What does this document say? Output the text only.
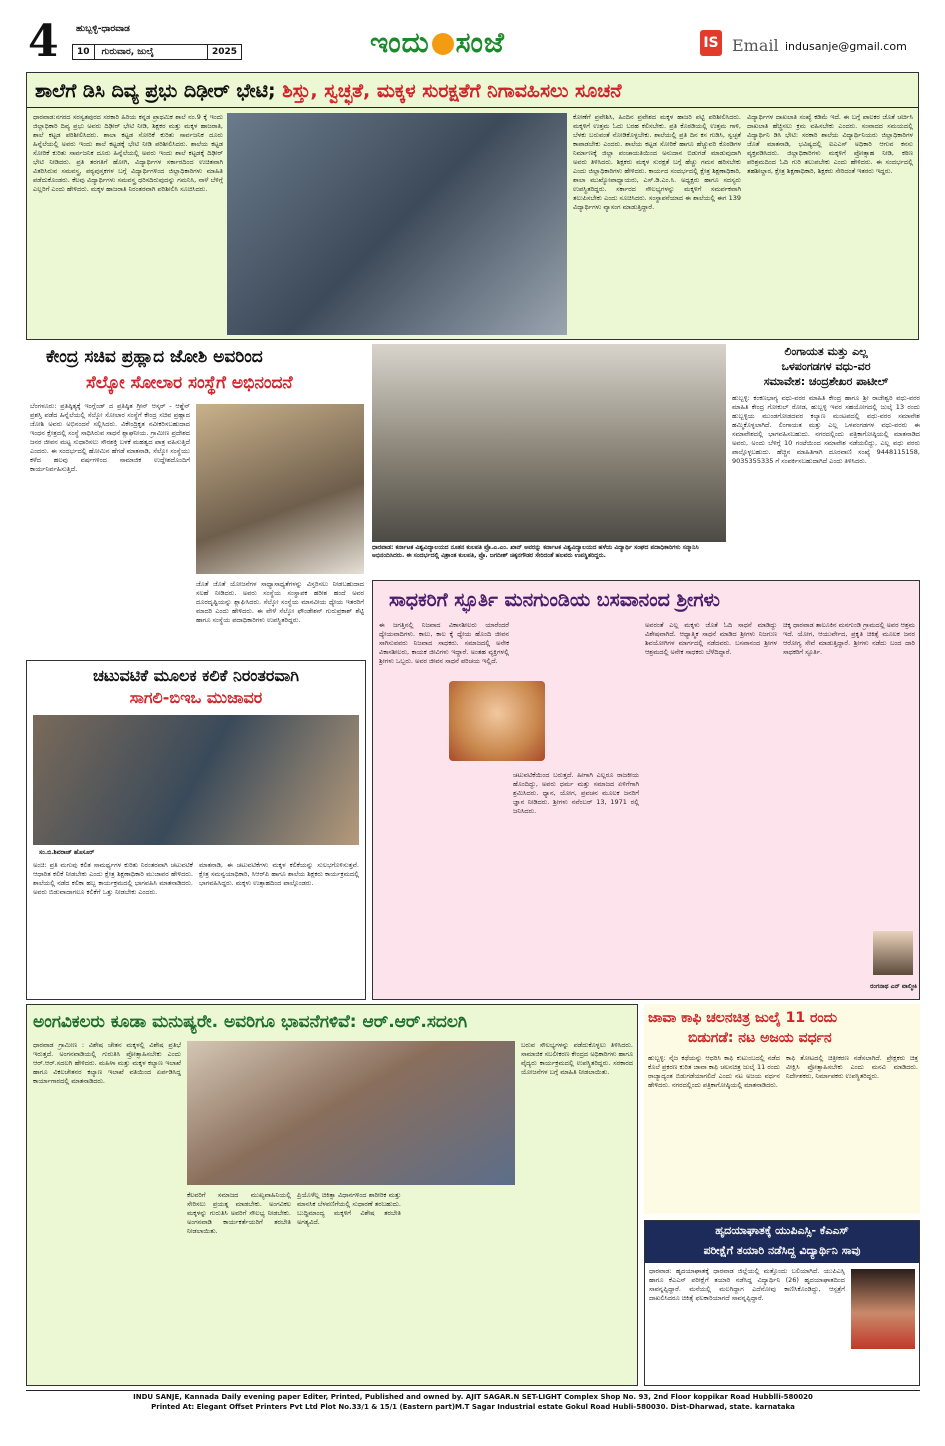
4 ಹುಬ್ಬಳ್ಳಿ-ಧಾರವಾಡ
10 ಗುರುವಾರ, ಜುಲೈ	2025	ಇಂದು ಸಂಜೆ	IS Email indusanje@gmail.com
ಶಾಲೆಗೆ ಡಿಸಿ ದಿವ್ಯ ಪ್ರಭು ದಿಢೀರ್ ಭೇಟಿ; ಶಿಸ್ತು, ಸ್ವಚ್ಛತೆ, ಮಕ್ಕಳ ಸುರಕ್ಷತೆಗೆ ನಿಗಾವಹಿಸಲು ಸೂಚನೆ
ಧಾರವಾಡ:ನಗರದ ಸರಸ್ವತಪುರದ ಸರಕಾರಿ ಹಿರಿಯ ಕನ್ನಡ ಪ್ರಾಥಮಿಕ ಶಾಲೆ ನಂ.9 ಕ್ಕೆ ಇಂದು ಜಿಲ್ಲಾಧಿಕಾರಿ ದಿವ್ಯ ಪ್ರಭು ಅವರು ದಿಢೀರ್ ಭೇಟಿ ನೀಡಿ, ಶಿಕ್ಷಕರ ಮತ್ತು ಮಕ್ಕಳ ಹಾಜರಾತಿ, ಶಾಲೆ ಕಟ್ಟಡ ಪರಿಶೀಲಿಸಿದರು. ಶಾಲಾ ಕಟ್ಟಡ ಸೋರಿಕೆ ಕುರಿತು ಸಾರ್ವಜನಿಕ ದೂರು ಹಿನ್ನೆಲೆಯಲ್ಲಿ ಅವರು ಇಂದು ಶಾಲೆ ಕಟ್ಟಡಕ್ಕೆ ಭೇಟಿ ನೀಡಿ ಪರಿಶೀಲಿಸಿದರು. ಶಾಲೆಯ ಕಟ್ಟಡ ಸೋರಿಕೆ ಕುರಿತು ಸಾರ್ವಜನಿಕ ದೂರು ಹಿನ್ನೆಲೆಯಲ್ಲಿ ಅವರು ಇಂದು ಶಾಲೆ ಕಟ್ಟಡಕ್ಕೆ ದಿಢೀರ್ ಭೇಟಿ ನೀಡಿದರು. ಪ್ರತಿ ತರಗತಿಗೆ ಹೋಗಿ, ವಿದ್ಯಾರ್ಥಿಗಳ ಸರ್ಕಾರದಿಂದ ಉಚಿತವಾಗಿ ವಿತರಿಸಿರುವ ಸಮವಸ್ತ್ರ, ಪಠ್ಯಪುಸ್ತಕಗಳ ಬಗ್ಗೆ ವಿದ್ಯಾರ್ಥಿಗಳಿಂದ ಜಿಲ್ಲಾಧಿಕಾರಿಗಳು ಮಾಹಿತಿ ಪಡೆದುಕೊಂಡರು. ಕೆಲವು ವಿದ್ಯಾರ್ಥಿಗಳು ಸಮವಸ್ತ್ರ ಧರಿಸದಿರುವುದನ್ನು ಗಮನಿಸಿ, ನಾಳೆ ಬೆಳಿಗ್ಗೆ ಎಲ್ಲರಿಗೆ ಎಂದು ಹೇಳಿದರು. ಮಕ್ಕಳ ಹಾಜರಾತಿ ನಿರಂತರವಾಗಿ ಪರಿಶೀಲಿಸಿ ಸೂಚಿಸಿದರು.
ಕೋಣೆಗೆ ಪ್ರವೇಶಿಸಿ, ಹಿಂದಿನ ಪ್ರವೇಶದ ಮಕ್ಕಳ ಹಾಜರಿ ಪಟ್ಟಿ ಪರಿಶೀಲಿಸಿದರು. ಮಕ್ಕಳಿಗೆ ಉತ್ತಮ ಓದು ಬರಹ ಕಲಿಸಬೇಕು. ಪ್ರತಿ ಕೊಠಡಿಯಲ್ಲಿ ಉತ್ತಮ ಗಾಳಿ, ಬೆಳಕು ಬರುವಂತೆ ನೋಡಿಕೊಳ್ಳಬೇಕು. ಶಾಲೆಯಲ್ಲಿ ಪ್ರತಿ ದಿನ ಕಸ ಗುಡಿಸಿ, ಸ್ವಚ್ಛತೆ ಕಾಪಾಡಬೇಕು ಎಂದರು. ಶಾಲೆಯ ಕಟ್ಟಡ ಸೋರಿಕೆ ಹಾಗೂ ಹೆಚ್ಚುವರಿ ಕೊಠಡಿಗಳ ನಿರ್ಮಾಣಕ್ಕೆ ಜಿಲ್ಲಾ ಪಂಚಾಯತಿಯಿಂದ ಅನುದಾನ ಬಿಡುಗಡೆ ಮಾಡುವುದಾಗಿ ಅವರು ತಿಳಿಸಿದರು. ಶಿಕ್ಷಕರು ಮಕ್ಕಳ ಸುರಕ್ಷತೆ ಬಗ್ಗೆ ಹೆಚ್ಚು ಗಮನ ಹರಿಸಬೇಕು ಎಂದು ಜಿಲ್ಲಾಧಿಕಾರಿಗಳು ಹೇಳಿದರು. ಕಾರ್ಯದ ಸಂದರ್ಭದಲ್ಲಿ ಕ್ಷೇತ್ರ ಶಿಕ್ಷಣಾಧಿಕಾರಿ, ಶಾಲಾ ಮುಖ್ಯೋಪಾಧ್ಯಾಯರು, ಎಸ್.ಡಿ.ಎಂ.ಸಿ. ಅಧ್ಯಕ್ಷರು ಹಾಗೂ ಸದಸ್ಯರು ಉಪಸ್ಥಿತರಿದ್ದರು. ಸರ್ಕಾರದ ಸೌಲಭ್ಯಗಳನ್ನು ಮಕ್ಕಳಿಗೆ ಸಮರ್ಪಕವಾಗಿ ತಲುಪಿಸಬೇಕು ಎಂದು ಸೂಚಿಸಿದರು. ಸಂಸ್ಥಾಪನೆಯಾದ ಈ ಶಾಲೆಯಲ್ಲಿ ಈಗ 139 ವಿದ್ಯಾರ್ಥಿಗಳು ವ್ಯಾಸಂಗ ಮಾಡುತ್ತಿದ್ದಾರೆ.
ವಿದ್ಯಾರ್ಥಿಗಳ ದಾಖಲಾತಿ ಸಂಖ್ಯೆ ಕಡಿಮೆ ಇದೆ. ಈ ಬಗ್ಗೆ ಪಾಲಕರ ಜೊತೆ ಚರ್ಚಿಸಿ ದಾಖಲಾತಿ ಹೆಚ್ಚಿಸಲು ಕ್ರಮ ವಹಿಸಬೇಕು ಎಂದರು. ಸಂವಾದದ ಸಮಯದಲ್ಲಿ ವಿದ್ಯಾರ್ಥಿನಿ ಡಿಸಿ ಭೇಟಿ: ಸರಕಾರಿ ಶಾಲೆಯ ವಿದ್ಯಾರ್ಥಿನಿಯರು ಜಿಲ್ಲಾಧಿಕಾರಿಗಳ ಜೊತೆ ಮಾತನಾಡಿ, ಭವಿಷ್ಯದಲ್ಲಿ ಐಎಎಸ್ ಅಧಿಕಾರಿ ಆಗುವ ಕನಸು ವ್ಯಕ್ತಪಡಿಸಿದರು. ಜಿಲ್ಲಾಧಿಕಾರಿಗಳು ಮಕ್ಕಳಿಗೆ ಪ್ರೋತ್ಸಾಹ ನೀಡಿ, ಕಠಿಣ ಪರಿಶ್ರಮದಿಂದ ಓದಿ ಗುರಿ ತಲುಪಬೇಕು ಎಂದು ಹೇಳಿದರು. ಈ ಸಂದರ್ಭದಲ್ಲಿ ತಹಶೀಲ್ದಾರ, ಕ್ಷೇತ್ರ ಶಿಕ್ಷಣಾಧಿಕಾರಿ, ಶಿಕ್ಷಕರು ಸೇರಿದಂತೆ ಇತರರು ಇದ್ದರು.
ಕೇಂದ್ರ ಸಚಿವ ಪ್ರಹ್ಲಾದ ಜೋಶಿ ಅವರಿಂದ
ಸೆಲ್ಕೋ ಸೋಲಾರ ಸಂಸ್ಥೆಗೆ ಅಭಿನಂದನೆ
ಬೆಂಗಳೂರು: ಪ್ರತಿಷ್ಠಿತ್ಯಕ್ಕೆ ಇಂಗ್ಲೆಂಡ್ ದ ಪ್ರತಿಷ್ಠಿತ ಗ್ರೀನ್ ಆಸ್ಕರ್ - ಆಶ್ಡೆನ್ ಪ್ರಶಸ್ತಿ ಪಡೆದ ಹಿನ್ನೆಲೆಯಲ್ಲಿ ಸೆಲ್ಕೋ ಸೋಲಾರ ಸಂಸ್ಥೆಗೆ ಕೇಂದ್ರ ಸಚಿವ ಪ್ರಹ್ಲಾದ ಜೋಶಿ ಅವರು ಅಭಿನಂದನೆ ಸಲ್ಲಿಸಿದರು. ವಿಕೇಂದ್ರಿಕೃತ ನವೀಕರಿಸಬಹುದಾದ ಇಂಧನ ಕ್ಷೇತ್ರದಲ್ಲಿ ಸಂಸ್ಥೆ ಸಾಧಿಸಿರುವ ಸಾಧನೆ ಶ್ಲಾಘನೀಯ. ಗ್ರಾಮೀಣ ಪ್ರದೇಶದ ಜನರ ಜೀವನ ಮಟ್ಟ ಸುಧಾರಿಸಲು ಸೌರಶಕ್ತಿ ಬಳಕೆ ಮಹತ್ವದ ಪಾತ್ರ ವಹಿಸುತ್ತಿದೆ ಎಂದರು. ಈ ಸಂದರ್ಭದಲ್ಲಿ ಹೋಮಿನ ಹೆಗಡೆ ಮಾತನಾಡಿ, ಸೆಲ್ಕೋ ಸಂಸ್ಥೆಯು ಕಳೆದ ಹಲವು ವರ್ಷಗಳಿಂದ ಸಾಮಾಜಿಕ ಉದ್ದೇಶದೊಂದಿಗೆ ಕಾರ್ಯನಿರ್ವಹಿಸುತ್ತಿದೆ.
ಜೊತೆ ಜೊತೆ ಯೋಜನೆಗಳ ಸಾಧ್ಯಾಸಾಧ್ಯತೆಗಳನ್ನು ವಿಸ್ತರಿಸಲು ನೀಡಬಹುದಾದ ಸಲಹೆ ನೀಡಿದರು. ಅವರು ಸಂಸ್ಥೆಯ ಸಂಸ್ಥಾಪಕ ಹರೀಶ ಹಂದೆ ಅವರ ದೂರದೃಷ್ಟಿಯನ್ನು ಶ್ಲಾಘಿಸಿದರು. ಸೆಲ್ಕೋ ಸಂಸ್ಥೆಯ ಮಾನವೀಯ ಧ್ಯೇಯ ಇತರರಿಗೆ ಮಾದರಿ ಎಂದು ಹೇಳಿದರು. ಈ ವೇಳೆ ಸೆಲ್ಕೋ ಫೌಂಡೇಶನ್ ಗುರುಪ್ರಕಾಶ್ ಶೆಟ್ಟಿ ಹಾಗೂ ಸಂಸ್ಥೆಯ ಪದಾಧಿಕಾರಿಗಳು ಉಪಸ್ಥಿತರಿದ್ದರು.
ಧಾರವಾಡ: ಕರ್ನಾಟಕ ವಿಶ್ವವಿದ್ಯಾಲಯದ ನೂತನ ಕುಲಪತಿ ಪ್ರೊ.ಎ.ಎಂ. ಖಾನ್ ಅವರನ್ನು ಕರ್ನಾಟಕ ವಿಶ್ವವಿದ್ಯಾಲಯದ ಹಳೆಯ ವಿದ್ಯಾರ್ಥಿ ಸಂಘದ ಪದಾಧಿಕಾರಿಗಳು ಸನ್ಮಾನಿಸಿ ಅಭಿನಂದಿಸಿದರು. ಈ ಸಂದರ್ಭದಲ್ಲಿ ವಿಶ್ರಾಂತ ಕುಲಪತಿ, ಪ್ರೊ. ಜಗದೀಶ್ ಚಿಕ್ಕನಗೌಡರ ಸೇರಿದಂತೆ ಹಲವರು ಉಪಸ್ಥಿತರಿದ್ದರು.
ಲಿಂಗಾಯತ ಮತ್ತು ಎಲ್ಲ
ಒಳಪಂಗಡಗಳ ವಧು-ವರ
ಸಮಾವೇಶ: ಚಂದ್ರಶೇಖರ ಪಾಟೀಲ್
ಹುಬ್ಬಳ್ಳಿ: ಕಂಕಣಭಾಗ್ಯ ವಧು-ವರರ ಮಾಹಿತಿ ಕೇಂದ್ರ ಹಾಗೂ ಶ್ರೀ ರಾಜೇಶ್ವರಿ ವಧು-ವರರ ಮಾಹಿತಿ ಕೇಂದ್ರ ಗೋಕುಲ್ ರೋಡ, ಹುಬ್ಬಳ್ಳಿ ಇವರ ಸಹಯೋಗದಲ್ಲಿ ಜುಲೈ 13 ರಂದು ಹುಬ್ಬಳ್ಳಿಯ ಮುಂಡಗೋಡದವರ ಕಲ್ಯಾಣ ಮಂಟಪದಲ್ಲಿ ವಧು-ವರರ ಸಮಾವೇಶ ಹಮ್ಮಿಕೊಳ್ಳಲಾಗಿದೆ. ಲಿಂಗಾಯತ ಮತ್ತು ಎಲ್ಲ ಒಳಪಂಗಡಗಳ ವಧು-ವರರು ಈ ಸಮಾವೇಶದಲ್ಲಿ ಭಾಗವಹಿಸಬಹುದು. ನಗರದಲ್ಲಿಂದು ಪತ್ರಿಕಾಗೋಷ್ಠಿಯಲ್ಲಿ ಮಾತನಾಡಿದ ಅವರು, ಅಂದು ಬೆಳಿಗ್ಗೆ 10 ಗಂಟೆಯಿಂದ ಸಮಾವೇಶ ನಡೆಯಲಿದ್ದು, ಎಲ್ಲ ವಧು ವರರು ಪಾಲ್ಗೊಳ್ಳಬಹುದು. ಹೆಚ್ಚಿನ ಮಾಹಿತಿಗಾಗಿ ದೂರವಾಣಿ ಸಂಖ್ಯೆ 9448115158, 9035355335 ಗೆ ಸಂಪರ್ಕಿಸಬಹುದಾಗಿದೆ ಎಂದು ತಿಳಿಸಿದರು.
ಸಾಧಕರಿಗೆ ಸ್ಫೂರ್ತಿ ಮನಗುಂಡಿಯ ಬಸವಾನಂದ ಶ್ರೀಗಳು
ಈ ಜಗತ್ತಿನಲ್ಲಿ ನಿಜವಾದ ವಿಕಾಸಶೀಲರು ಯಾರೆಂದರೆ ಧ್ಯೇಯವಾದಿಗಳು. ಕಾಲು, ಕಾಲ ಕ್ಕೆ ಧ್ಯೇಯ ಹೊಂದಿ ಜೀವನ ಸಾಗಿಸುವವರು ನಿಜವಾದ ಸಾಧಕರು. ಸಮಾಜದಲ್ಲಿ ಅನೇಕ ವಿಕಾಸಶೀಲರು, ಕಾಯಕ ಜೀವಿಗಳು ಇದ್ದಾರೆ. ಅಂತಹ ವ್ಯಕ್ತಿಗಳಲ್ಲಿ ಶ್ರೀಗಳು ಒಬ್ಬರು. ಅವರ ಜೀವನ ಸಾಧನೆ ಪರಿಚಯ ಇಲ್ಲಿದೆ.
ಚಟುವಟಿಕೆಯಿಂದ ಬರುತ್ತದೆ. ಹೀಗಾಗಿ ಎಲ್ಲರೂ ರಾಜಕೀಯ ಹೊಂದಿದ್ದು, ಅವರು ಧರ್ಮ ಮತ್ತು ಸಮಾಜದ ಏಳಿಗೆಗಾಗಿ ಶ್ರಮಿಸಿದರು. ಧ್ಯಾನ, ಯೋಗ, ಪ್ರವಚನ ಮೂಲಕ ಜನರಿಗೆ ಜ್ಞಾನ ನೀಡಿದರು. ಶ್ರೀಗಳು ನವೆಂಬರ್ 13, 1971 ರಲ್ಲಿ ಜನಿಸಿದರು.
ಅವರಂತೆ ಎಲ್ಲ ಮಕ್ಕಳು ಜೊತೆ ಓದಿ ಸಾಧನೆ ಮಾಡಿದ್ದು ವಿಶೇಷವಾಗಿದೆ. ಆಧ್ಯಾತ್ಮಿಕ ಸಾಧನೆ ಮಾಡಿದ ಶ್ರೀಗಳು ನಿಜಗುಣ ಶಿವಯೋಗಿಗಳ ಮಾರ್ಗದಲ್ಲಿ ನಡೆದವರು. ಬಸವಾನಂದ ಶ್ರೀಗಳ ಆಶ್ರಮದಲ್ಲಿ ಅನೇಕ ಸಾಧಕರು ಬೆಳೆದಿದ್ದಾರೆ.
ಚಿಕ್ಕ ಧಾರವಾಡ ತಾಲೂಕಿನ ಮನಗುಂಡಿ ಗ್ರಾಮದಲ್ಲಿ ಅವರ ಆಶ್ರಮ ಇದೆ. ಯೋಗ, ಆಯುರ್ವೇದ, ಪ್ರಕೃತಿ ಚಿಕಿತ್ಸೆ ಮೂಲಕ ಜನರ ಆರೋಗ್ಯ ಸೇವೆ ಮಾಡುತ್ತಿದ್ದಾರೆ. ಶ್ರೀಗಳು ನಡೆದು ಬಂದ ದಾರಿ ಸಾಧಕರಿಗೆ ಸ್ಫೂರ್ತಿ.
ರಂಗನಾಥ ಎನ್ ವಾಲ್ಮೀಕಿ
ಚಟುವಟಿಕೆ ಮೂಲಕ ಕಲಿಕೆ ನಿರಂತರವಾಗಿ
ಸಾಗಲಿ-ಬಿಇಒ ಮುಜಾವರ
ಸಂ.ಬಿ.ಶಿವರಾಜ್ ಹೊಸೂರ್
ಅಂಚಿ: ಪ್ರತಿ ಮಗುವು ಕಲಿತ ಸಾಮರ್ಥ್ಯಗಳ ಕುರಿತು ನಿರಂತರವಾಗಿ ಚಟುವಟಿಕೆ ಆಧಾರಿತ ಕಲಿಕೆ ನೀಡಬೇಕು ಎಂದು ಕ್ಷೇತ್ರ ಶಿಕ್ಷಣಾಧಿಕಾರಿ ಮುಜಾವರ ಹೇಳಿದರು. ಶಾಲೆಯಲ್ಲಿ ನಡೆದ ಕಲಿಕಾ ಹಬ್ಬ ಕಾರ್ಯಕ್ರಮದಲ್ಲಿ ಭಾಗವಹಿಸಿ ಮಾತನಾಡಿದರು. ಅವರು ಬಿಡುವಾದಾಗಲೂ ಕಲಿಕೆಗೆ ಒತ್ತು ನೀಡಬೇಕು ಎಂದರು.
ಮಾತನಾಡಿ, ಈ ಚಟುವಟಿಕೆಗಳು ಮಕ್ಕಳ ಕಲಿಕೆಯನ್ನು ಸುಲಭಗೊಳಿಸುತ್ತವೆ. ಕ್ಷೇತ್ರ ಸಮನ್ವಯಾಧಿಕಾರಿ, ಸಿಆರ್‌ಪಿ ಹಾಗೂ ಶಾಲೆಯ ಶಿಕ್ಷಕರು ಕಾರ್ಯಕ್ರಮದಲ್ಲಿ ಭಾಗವಹಿಸಿದ್ದರು. ಮಕ್ಕಳು ಉತ್ಸಾಹದಿಂದ ಪಾಲ್ಗೊಂಡರು.
ಅಂಗವಿಕಲರು ಕೂಡಾ ಮನುಷ್ಯರೇ. ಅವರಿಗೂ ಭಾವನೆಗಳಿವೆ: ಆರ್.ಆರ್.ಸದಲಗಿ
ಧಾರವಾಡ ಗ್ರಾಮೀಣ : ವಿಶೇಷ ಚೇತನ ಮಕ್ಕಳಲ್ಲಿ ವಿಶೇಷ ಪ್ರತಿಭೆ ಇರುತ್ತದೆ. ಅಂಗನವಾಡಿಯಲ್ಲಿ ಗುರುತಿಸಿ ಪ್ರೋತ್ಸಾಹಿಸಬೇಕು ಎಂದು ಆರ್.ಆರ್.ಸದಲಗಿ ಹೇಳಿದರು. ಮಹಿಳಾ ಮತ್ತು ಮಕ್ಕಳ ಕಲ್ಯಾಣ ಇಲಾಖೆ ಹಾಗೂ ವಿಕಲಚೇತನರ ಕಲ್ಯಾಣ ಇಲಾಖೆ ವತಿಯಿಂದ ಏರ್ಪಡಿಸಿದ್ದ ಕಾರ್ಯಾಗಾರದಲ್ಲಿ ಮಾತನಾಡಿದರು.
ಕೆಲವರಿಗೆ ಸಮಾಜದ ಮುಖ್ಯವಾಹಿನಿಯಲ್ಲಿ ಸೇರಿಸಲು ಪ್ರಯತ್ನ ಮಾಡಬೇಕು. ಅಂಗವಿಕಲ ಮಕ್ಕಳನ್ನು ಗುರುತಿಸಿ ಅವರಿಗೆ ಸೌಲಭ್ಯ ನೀಡಬೇಕು. ಅಂಗನವಾಡಿ ಕಾರ್ಯಕರ್ತೆಯರಿಗೆ ತರಬೇತಿ ನೀಡಲಾಯಿತು.
ಪ್ರಿಯೊಳೆಲ್ಲ ಚಿಕಿತ್ಸಾ ವಿಧಾನಗಳಿಂದ ಶಾರೀರಿಕ ಮತ್ತು ಮಾನಸಿಕ ಬೆಳವಣಿಗೆಯಲ್ಲಿ ಸುಧಾರಣೆ ತರಬಹುದು. ಬುದ್ಧಿಮಾಂದ್ಯ ಮಕ್ಕಳಿಗೆ ವಿಶೇಷ ತರಬೇತಿ ಅಗತ್ಯವಿದೆ.
ಬರುವ ಸೌಲಭ್ಯಗಳನ್ನು ಪಡೆದುಕೊಳ್ಳಲು ತಿಳಿಸಿದರು. ಸಾಮಾಜಿಕ ಸಬಲೀಕರಣ ಕೇಂದ್ರದ ಅಧಿಕಾರಿಗಳು ಹಾಗೂ ವೈದ್ಯರು ಕಾರ್ಯಕ್ರಮದಲ್ಲಿ ಉಪಸ್ಥಿತರಿದ್ದರು. ಸರಕಾರದ ಯೋಜನೆಗಳ ಬಗ್ಗೆ ಮಾಹಿತಿ ನೀಡಲಾಯಿತು.
ಜಾವಾ ಕಾಫಿ ಚಲನಚಿತ್ರ ಜುಲೈ 11 ರಂದು
ಬಿಡುಗಡೆ: ನಟ ಅಜಯ ವರ್ಧನ
ಹುಬ್ಬಳ್ಳಿ: ನೈಜ ಕಥೆಯನ್ನು ಆಧರಿಸಿ ಕಾಫಿ ಕುಟುಂಬದಲ್ಲಿ ನಡೆದ ಕೊಲೆ ಪ್ರಕರಣ ಕುರಿತ ಜಾವಾ ಕಾಫಿ ಚಲನಚಿತ್ರ ಜುಲೈ 11 ರಂದು ರಾಜ್ಯಾದ್ಯಂತ ಬಿಡುಗಡೆಯಾಗಲಿದೆ ಎಂದು ನಟ ಅಜಯ ವರ್ಧನ ಹೇಳಿದರು. ನಗರದಲ್ಲಿಂದು ಪತ್ರಿಕಾಗೋಷ್ಠಿಯಲ್ಲಿ ಮಾತನಾಡಿದರು.
ಕಾಫಿ ತೋಟದಲ್ಲಿ ಚಿತ್ರೀಕರಣ ನಡೆಸಲಾಗಿದೆ. ಪ್ರೇಕ್ಷಕರು ಚಿತ್ರ ವೀಕ್ಷಿಸಿ ಪ್ರೋತ್ಸಾಹಿಸಬೇಕು ಎಂದು ಮನವಿ ಮಾಡಿದರು. ನಿರ್ದೇಶಕರು, ನಿರ್ಮಾಪಕರು ಉಪಸ್ಥಿತರಿದ್ದರು.
ಹೃದಯಾಘಾತಕ್ಕೆ ಯುಪಿಎಸ್ಸಿ- ಕೆಎಎಸ್
ಪರೀಕ್ಷೆಗೆ ತಯಾರಿ ನಡೆಸಿದ್ದ ವಿದ್ಯಾರ್ಥಿನಿ ಸಾವು
ಧಾರವಾಡ: ಹೃದಯಾಘಾತಕ್ಕೆ ಧಾರವಾಡ ಜಿಲ್ಲೆಯಲ್ಲಿ ಮತ್ತೊಂದು ಬಲಿಯಾಗಿದೆ. ಯುಪಿಎಸ್ಸಿ ಹಾಗೂ ಕೆಎಎಸ್ ಪರೀಕ್ಷೆಗೆ ತಯಾರಿ ನಡೆಸಿದ್ದ ವಿದ್ಯಾರ್ಥಿನಿ (26) ಹೃದಯಾಘಾತದಿಂದ ಸಾವನ್ನಪ್ಪಿದ್ದಾರೆ. ಮನೆಯಲ್ಲಿ ಮಲಗಿದ್ದಾಗ ಎದೆನೋವು ಕಾಣಿಸಿಕೊಂಡಿದ್ದು, ಆಸ್ಪತ್ರೆಗೆ ದಾಖಲಿಸಿದರೂ ಚಿಕಿತ್ಸೆ ಫಲಕಾರಿಯಾಗದೆ ಸಾವನ್ನಪ್ಪಿದ್ದಾರೆ.
INDU SANJE, Kannada Daily evening paper Editer, Printed, Published and owned by. AJIT SAGAR.N SET-LIGHT Complex Shop No. 93, 2nd Floor koppikar Road Hubblli-580020
Printed At: Elegant Offset Printers Pvt Ltd Plot No.33/1 & 15/1 (Eastern part)M.T Sagar Industrial estate Gokul Road Hubli-580030. Dist-Dharwad, state. karnataka
